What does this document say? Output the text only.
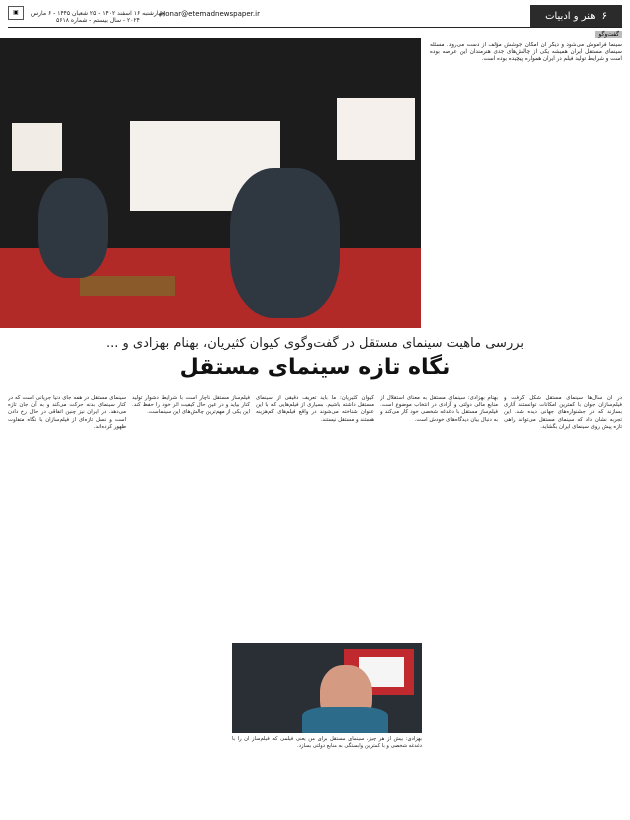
۶
هنر و ادبیات
Honar@etemadnewspaper.ir
چهارشنبه ۱۶ اسفند ۱۴۰۲ - ۲۵ شعبان ۱۴۴۵ - ۶ مارس ۲۰۲۴ - سال بیستم - شماره ۵۶۱۸
▣
گفت‌وگو
سینما فراموش می‌شود و دیگر آن امکان جوشش مؤلف از دست می‌رود. مسئله سینمای مستقل ایران همیشه یکی از چالش‌های جدی هنرمندان این عرصه بوده است و شرایط تولید فیلم در ایران همواره پیچیده بوده است.
بررسی ماهیت سینمای مستقل در گفت‌وگوی کیوان کثیریان، بهنام بهزادی و ...
نگاه تازه سینمای مستقل
در آن سال‌ها سینمای مستقل شکل گرفت و فیلم‌سازان جوان با کمترین امکانات توانستند آثاری بسازند که در جشنواره‌های جهانی دیده شد. این تجربه نشان داد که سینمای مستقل می‌تواند راهی تازه پیش روی سینمای ایران بگشاید.
بهنام بهزادی: سینمای مستقل به معنای استقلال از منابع مالی دولتی و آزادی در انتخاب موضوع است. فیلم‌ساز مستقل با دغدغه شخصی خود کار می‌کند و به دنبال بیان دیدگاه‌های خودش است.
کیوان کثیریان: ما باید تعریف دقیقی از سینمای مستقل داشته باشیم. بسیاری از فیلم‌هایی که با این عنوان شناخته می‌شوند در واقع فیلم‌های کم‌هزینه هستند و مستقل نیستند.
فیلم‌ساز مستقل ناچار است با شرایط دشوار تولید کنار بیاید و در عین حال کیفیت اثر خود را حفظ کند. این یکی از مهم‌ترین چالش‌های این سینماست.
سینمای مستقل در همه جای دنیا جریانی است که در کنار سینمای بدنه حرکت می‌کند و به آن جان تازه می‌دهد. در ایران نیز چنین اتفاقی در حال رخ دادن است و نسل تازه‌ای از فیلم‌سازان با نگاه متفاوت ظهور کرده‌اند.
بهزادی: بیش از هر چیز، سینمای مستقل برای من یعنی فیلمی که فیلم‌ساز آن را با دغدغه شخصی و با کمترین وابستگی به منابع دولتی بسازد.
